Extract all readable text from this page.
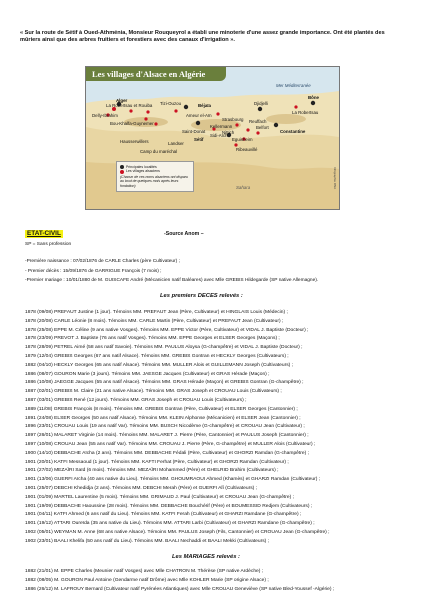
« Sur la route de Sétif à Oued-Athménia, Monsieur Rouqueyrol a établi une minoterie d'une assez grande importance. Ont été plantés des mûriers ainsi que des arbres fruitiers et forestiers avec des canaux d'irrigation ».
Les villages d'Alsace en Algérie
Mer Méditerranée
Alger
La Robertsau et Rouiba Tizi-Ouzou	Béjaïa	Djidjelli
Bône
La Robertsau
Delly-Ibrahim	Ameur el-Aïn
Bou-Khalfa-Guynemer
Strasbourg Reuffach
Kellermann	Belfort
Saint-Donat	Constantine
Sétif
Hausserwillers	Landser
Eguisheim
Ribeauvillé
Sidi-Aïch
Nittich
Camp du maréchal
Principales localités
Les villages alsaciens
(Chacun de ces noms alsaciens ont disparu au bout de quelques mois après leurs fondation)	Sahara	Infographie DNA
ETAT-CIVIL	-Source Anom –
SP = Sans profession
-Première naissance : 07/02/1876 de CARLE Charles (père Cultivateur) ;
- Premier décès : 15/09/1876 de GARRIGUE François (7 mois) ;
-Premier mariage : 10/01/1880 de M. GUISCAFE André (Mécanicien natif Baléares) avec Mlle GREBIS Hildegarde (SP native Allemagne).
Les premiers DECES relevés :
1878 (09/08) PREFAUT Justine (1 jour). Témoins MM. PREFAUT Jean (Père, Cultivateur) et HINGLAIS Louis (Médecin) ;
1878 (20/08) CARLE Léonie (8 mois). Témoins MM. CARLE Martin (Père, Cultivateur) et PREFAUT Jean (Cultivateur) ;
1878 (25/08) EPPE M. Céline (9 ans native Vosges). Témoins MM. EPPE Victor (Père, Cultivateur) et VIDAL J. Baptiste (Docteur) ;
1878 (23/09) PREVOT J. Baptiste (76 ans natif Vosges). Témoins MM. EPPE Georges et ELSER Georges (Maçons) ;
1878 (28/09) PETREL Aimé (58 ans natif Savoie). Témoins MM. PAULUS Aloysa (G-champêtre) et VIDAL J. Baptiste (Docteur) ;
1879 (12/04) GREBIS Georges (67 ans natif Alsace). Témoins MM. GREBIS Gontran et HECKLY Georges (Cultivateurs) ;
1882 (04/10) HECKLY Georges (65 ans natif Alsace). Témoins MM. MULLER Alois et GUILLEMANN Joseph (Cultivateurs) ;
1886 (08/07) GOURON Marie (3 jours). Témoins MM. JAESGE Jacques (Cultivateur) et GRAS Hérade (Maçon) ;
1886 (10/08) JAEGGE Jacques (55 ans natif Alsace). Témoins MM. GRAS Hérade (Maçon) et GREBIS Gontran (G-champêtre) ;
1887 (02/01) GREBIS M. Claire (21 ans native Alsace). Témoins MM. GRAS Joseph et CROUAU Louis (Cultivateurs) ;
1887 (03/01) GREBIS René (12 jours). Témoins MM. GRAS Joseph et CROUAU Louis (Cultivateurs) ;
1889 (11/08) GREBIS François (8 mois). Témoins MM. GREBIS Gontran (Père, Cultivateur) et ELSER Georges (Cantonnier) ;
1891 (24/08) ELSER Georges (50 ans natif Alsace). Témoins MM. KLEIN Alphonse (Mécanicien) et ELSER Jean (Cantonnier) ;
1896 (23/01) CROUAU Louis (19 ans natif Var). Témoins MM. BUSCH Nicodème (G-champêtre) et CROUAU Jean (Cultivateur) ;
1897 (26/01) MALARET Virginie (14 mois). Témoins MM. MALARET J. Pierre (Père, Cantonnier) et PAULUS Joseph (Cantonnier) ;
1897 (10/08) CROUAU Jean (55 ans natif Var). Témoins MM. CROUAU J. Pierre (Père, G-champêtre) et MULLER Alois (Cultivateur) ;
1900 (14/10) DEBBACHE Aïcha (2 ans). Témoins MM. DEBBACHE Fédali (Père, Cultivateur) et GHORZI Ramdan (G-champêtre) ;
1901 (20/01) KATFI Messaoud (1 jour). Témoins MM. KAFTI Ferhat (Père, Cultivateur) et GHORZI Ramdan (Cultivateur) ;
1901 (27/02) MEZAÏRI Saïd (6 mois). Témoins MM. MEZAÏRI Mohammed (Père) et GHELRID Brahim (Cultivateurs) ;
1901 (13/06) GUERFI Aïcha (40 ans native du Lieu). Témoins MM. GHOUMRAOUI Ahmed (Khamès) et GHARZI Ramdan (Cultivateur) ;
1901 (25/07) DEBCHI Khedidja (2 ans). Témoins MM. DEBCHI Merah (Père) et GUERFI Alî (Cultivateurs) ;
1901 (01/09) MARTEL Laurentine (5 mois). Témoins MM. GRIMAUD J. Paul (Cultivateur) et CROUAU Jean (G-champêtre) ;
1901 (19/09) DEBBACHE Haoussine (28 mois). Témoins MM. DEBBACHE Bouchérif (Père) et BOUMESSID Redjem (Cultivateurs) ;
1901 (04/11) KATFI Ahmed (6 ans natif du Lieu). Témoins MM. KATFI Ferah (Cultivateur) et GHARZI Ramdane (G-champêtre) ;
1901 (19/12) ATTARI Oureïda (35 ans native du Lieu). Témoins MM. ATTARI Larbi (Cultivateur) et GHARZI Ramdane (G-champêtre) ;
1902 (05/01) WEYMAN M. Anne (68 ans native Alsace). Témoins MM. PAULUS Joseph (Fils, Cantonnier) et CROUAU Jean (G-champêtre) ;
1902 (23/01) BAALI Khelifa (50 ans natif du Lieu). Témoins MM. BAALI Nechaddi et BAALI Mekki (Cultivateurs) ;
Les MARIAGES relevés :
1882 (21/01) M. EPPE Charles (Meunier natif Vosges) avec Mlle CHATRON M. Thérèse (SP native Ardèche) ;
1882 (08/05) M. GOURON Paul Antoine (Gendarme natif Drôme) avec Mlle KOHLER Marie (SP origine Alsace) ;
1886 (26/12) M. LAFROUY Bernard (Cultivateur natif Pyrénées Atlantiques) avec Mlle CROUAU Geneviève (SP native Bled-Youssef -Algérie) ;
